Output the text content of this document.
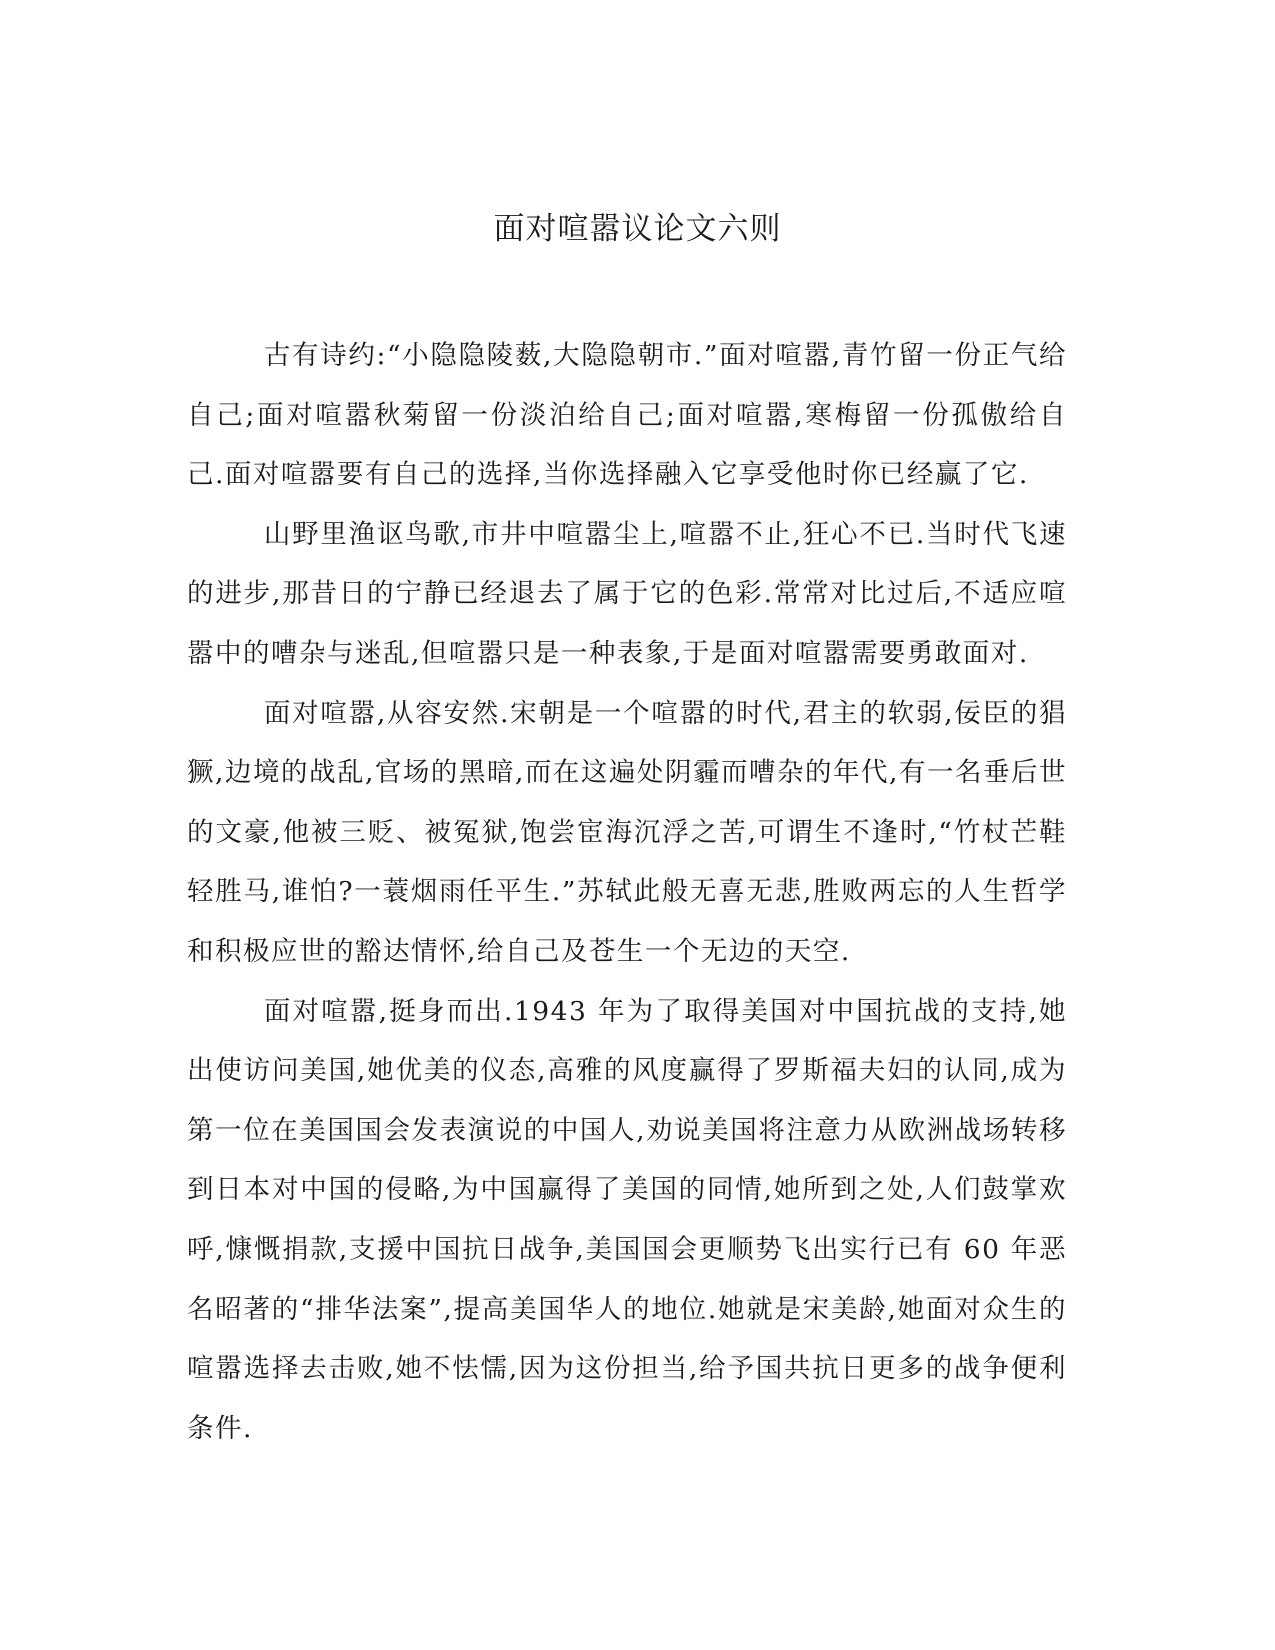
面对喧嚣议论文六则

古有诗约:“小隐隐陵薮,大隐隐朝市.”面对喧嚣,青竹留一份正气给自己;面对喧嚣秋菊留一份淡泊给自己;面对喧嚣,寒梅留一份孤傲给自己.面对喧嚣要有自己的选择,当你选择融入它享受他时你已经赢了它.

山野里渔讴鸟歌,市井中喧嚣尘上,喧嚣不止,狂心不已.当时代飞速的进步,那昔日的宁静已经退去了属于它的色彩.常常对比过后,不适应喧嚣中的嘈杂与迷乱,但喧嚣只是一种表象,于是面对喧嚣需要勇敢面对.

面对喧嚣,从容安然.宋朝是一个喧嚣的时代,君主的软弱,佞臣的猖獗,边境的战乱,官场的黑暗,而在这遍处阴霾而嘈杂的年代,有一名垂后世的文豪,他被三贬、被冤狱,饱尝宦海沉浮之苦,可谓生不逢时,“竹杖芒鞋轻胜马,谁怕?一蓑烟雨任平生.”苏轼此般无喜无悲,胜败两忘的人生哲学和积极应世的豁达情怀,给自己及苍生一个无边的天空.

面对喧嚣,挺身而出.1943 年为了取得美国对中国抗战的支持,她出使访问美国,她优美的仪态,高雅的风度赢得了罗斯福夫妇的认同,成为第一位在美国国会发表演说的中国人,劝说美国将注意力从欧洲战场转移到日本对中国的侵略,为中国赢得了美国的同情,她所到之处,人们鼓掌欢呼,慷慨捐款,支援中国抗日战争,美国国会更顺势飞出实行已有 60 年恶名昭著的“排华法案”,提高美国华人的地位.她就是宋美龄,她面对众生的喧嚣选择去击败,她不怯懦,因为这份担当,给予国共抗日更多的战争便利条件.
